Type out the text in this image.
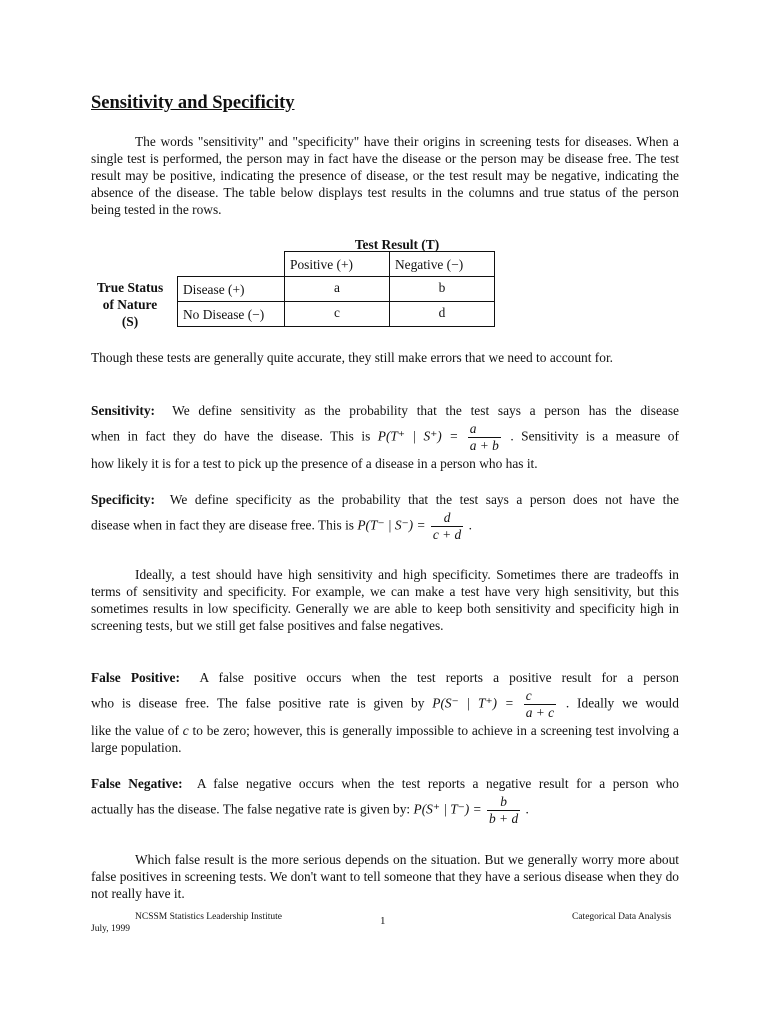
Sensitivity and Specificity

The words "sensitivity" and "specificity" have their origins in screening tests for diseases. When a single test is performed, the person may in fact have the disease or the person may be disease free. The test result may be positive, indicating the presence of disease, or the test result may be negative, indicating the absence of the disease. The table below displays test results in the columns and true status of the person being tested in the rows.

Though these tests are generally quite accurate, they still make errors that we need to account for.

Sensitivity: We define sensitivity as the probability that the test says a person has the disease
when in fact they do have the disease. This is P(T⁺ | $S^+) = \frac{a}{a + b}$ . Sensitivity is a measure of
how likely it is for a test to pick up the presence of a disease in a person who has it.
Specificity: We define specificity as the probability that the test says a person does not have the
disease when in fact they are disease free. This is P(T⁻ | $S^-) = \frac{d}{c + d}$ .

Ideally, a test should have high sensitivity and high specificity. Sometimes there are tradeoffs in terms of sensitivity and specificity. For example, we can make a test have very high sensitivity, but this sometimes results in low specificity. Generally we are able to keep both sensitivity and specificity high in screening tests, but we still get false positives and false negatives.

False Positive: A false positive occurs when the test reports a positive result for a person
who is disease free. The false positive rate is given by P(S⁻ | $T^+) = \frac{c}{a + c}$ . Ideally we would
like the value of c to be zero; however, this is generally impossible to achieve in a screening test involving a large population.
False Negative: A false negative occurs when the test reports a negative result for a person who
actually has the disease. The false negative rate is given by: P(S⁺ | $T^-) = \frac{b}{b + d}$ .

Which false result is the more serious depends on the situation. But we generally worry more about false positives in screening tests. We don't want to tell someone that they have a serious disease when they do not really have it.

Test Result (T)
True Status
of Nature
(S)
	Positive (+)	Negative (−)
Disease (+)	a	b
No Disease (−)	c	d
NCSSM Statistics Leadership Institute
July, 1999
1	Categorical Data Analysis
